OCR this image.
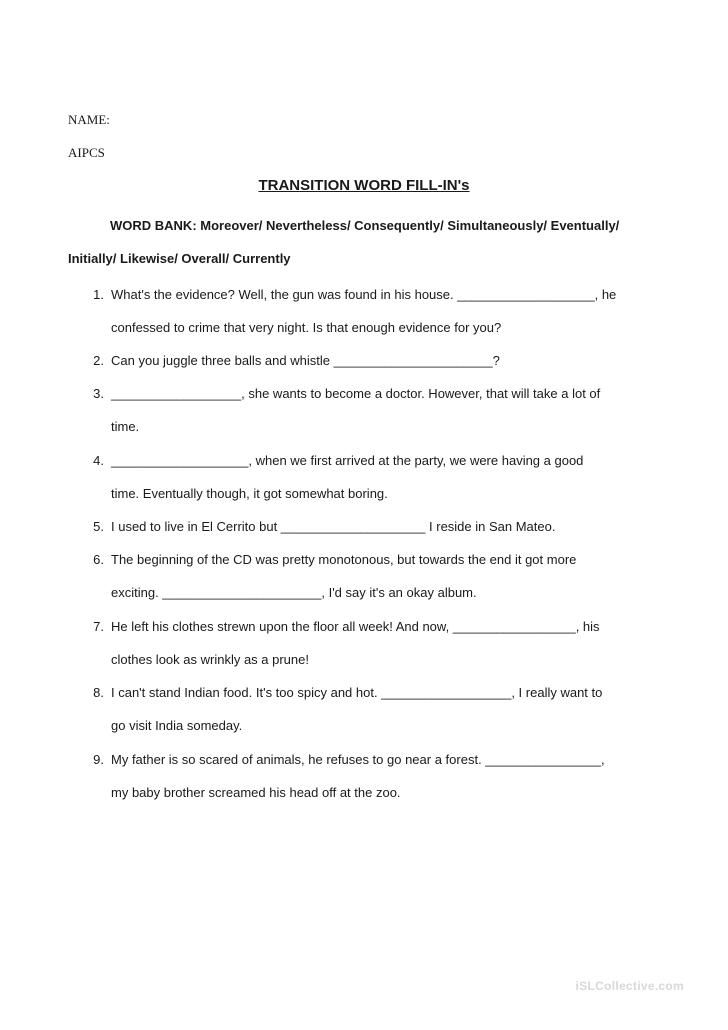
NAME:
AIPCS
TRANSITION WORD FILL-IN's
WORD BANK: Moreover/ Nevertheless/ Consequently/ Simultaneously/ Eventually/
Initially/ Likewise/ Overall/ Currently
1. What's the evidence? Well, the gun was found in his house. ___________________, he
confessed to crime that very night. Is that enough evidence for you?
2. Can you juggle three balls and whistle ______________________?
3. __________________, she wants to become a doctor. However, that will take a lot of
time.
4. ___________________, when we first arrived at the party, we were having a good
time. Eventually though, it got somewhat boring.
5. I used to live in El Cerrito but ____________________ I reside in San Mateo.
6. The beginning of the CD was pretty monotonous, but towards the end it got more
exciting. ______________________, I'd say it's an okay album.
7. He left his clothes strewn upon the floor all week! And now, _________________, his
clothes look as wrinkly as a prune!
8. I can't stand Indian food. It's too spicy and hot. __________________, I really want to
go visit India someday.
9. My father is so scared of animals, he refuses to go near a forest. ________________,
my baby brother screamed his head off at the zoo.
iSLCollective.com
